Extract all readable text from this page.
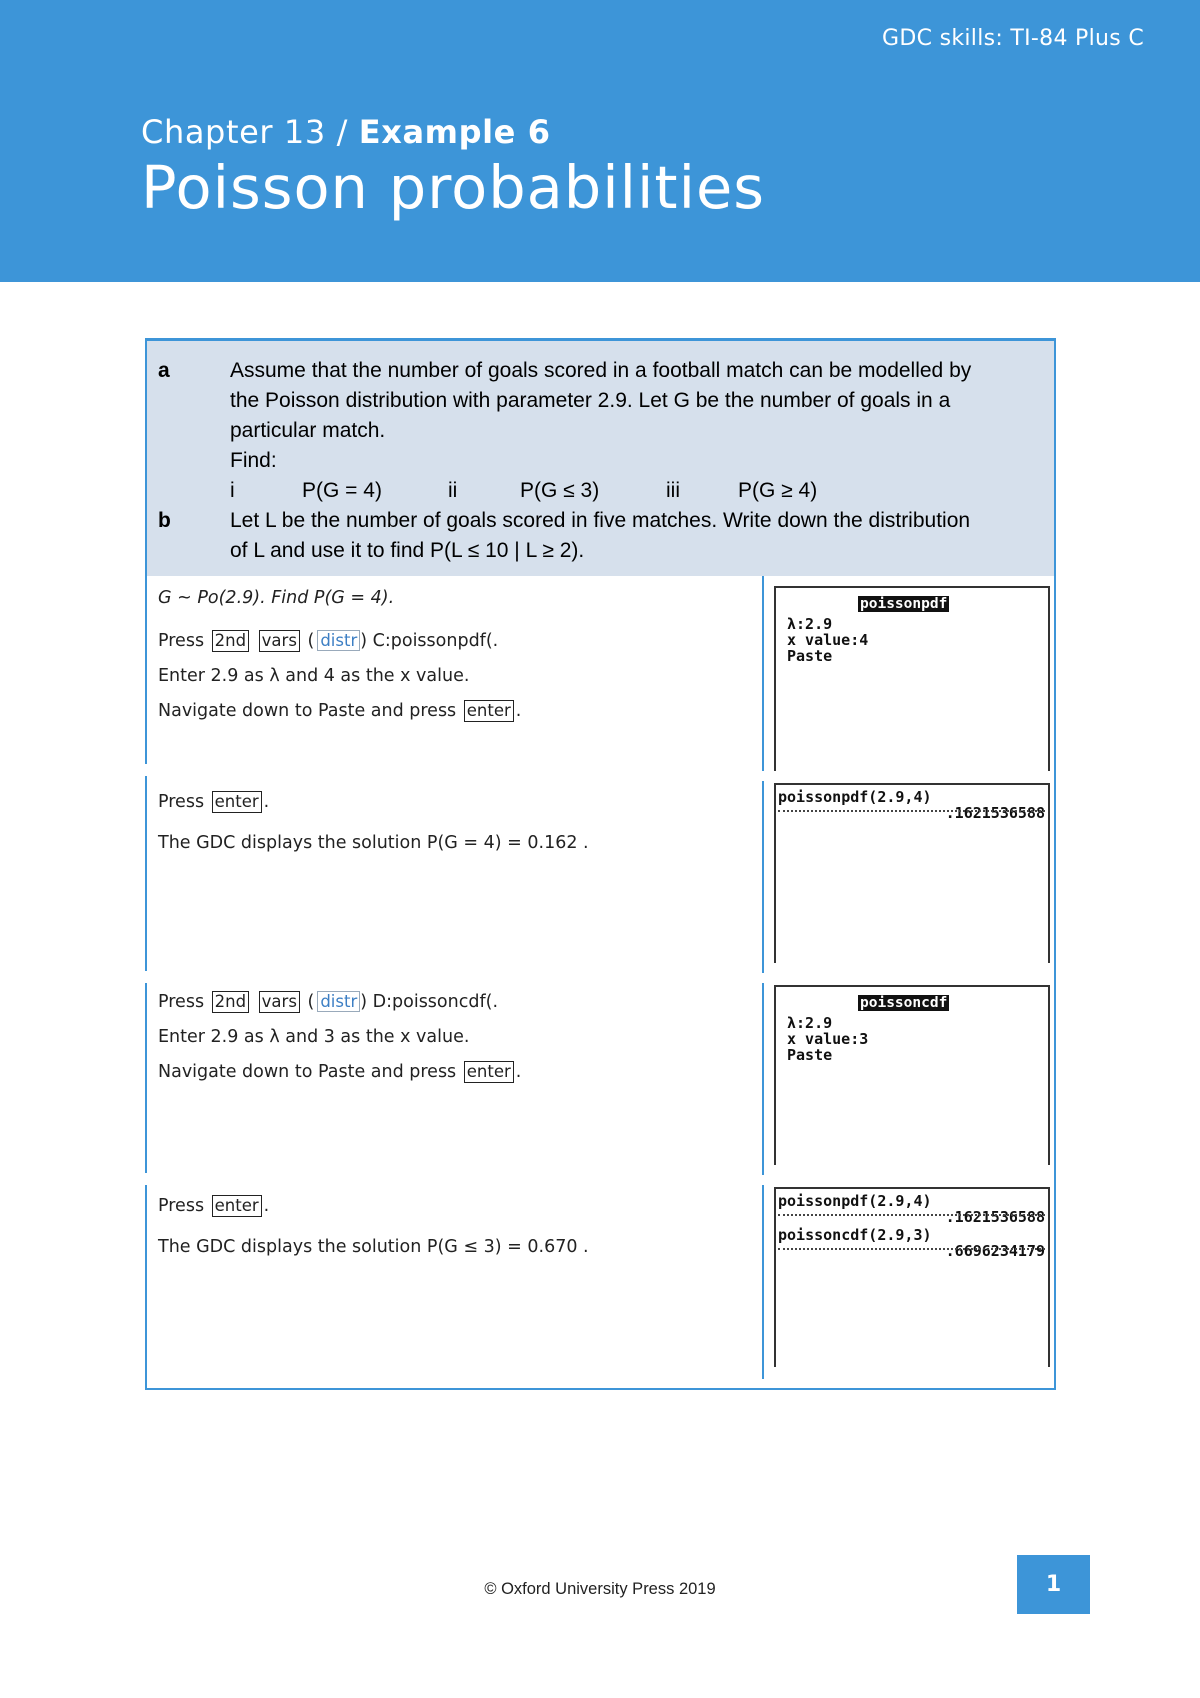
GDC skills: TI-84 Plus C
Chapter 13 / Example 6
Poisson probabilities
a	Assume that the number of goals scored in a football match can be modelled by
the Poisson distribution with parameter 2.9. Let G be the number of goals in a
particular match.
Find:
i	P(G = 4)	ii	P(G ≤ 3)	iii	P(G ≥ 4)
b	Let L be the number of goals scored in five matches. Write down the distribution
of L and use it to find P(L ≤ 10 | L ≥ 2).
G ~ Po(2.9). Find P(G = 4).
Press 2nd vars ( distr ) C:poissonpdf(.
Enter 2.9 as λ and 4 as the x value.
Navigate down to Paste and press enter .
poissonpdf
λ:2.9
x value:4
Paste
Press enter .
The GDC displays the solution P(G = 4) = 0.162 .
poissonpdf(2.9,4)
.1621536588
Press 2nd vars ( distr ) D:poissoncdf(.
Enter 2.9 as λ and 3 as the x value.
Navigate down to Paste and press enter .
poissoncdf
λ:2.9
x value:3
Paste
Press enter .
The GDC displays the solution P(G ≤ 3) = 0.670 .
poissonpdf(2.9,4)
.1621536588
poissoncdf(2.9,3)
.6696234179
© Oxford University Press 2019	1
